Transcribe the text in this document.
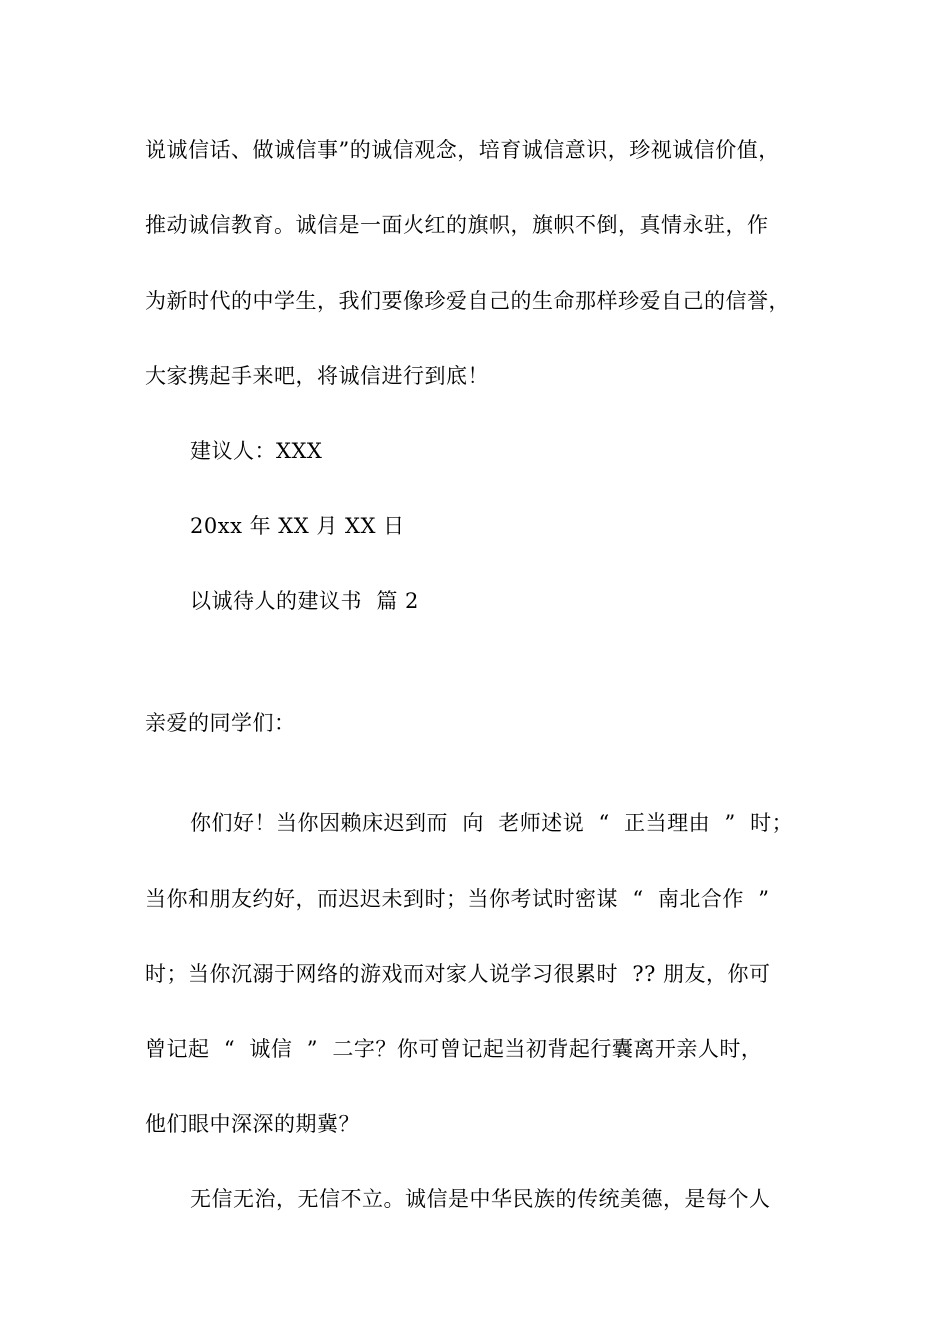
说诚信话、做诚信事”的诚信观念，培育诚信意识，珍视诚信价值，
推动诚信教育。诚信是一面火红的旗帜，旗帜不倒，真情永驻，作
为新时代的中学生，我们要像珍爱自己的生命那样珍爱自己的信誉，
大家携起手来吧，将诚信进行到底！
建议人：XXX
20xx 年 XX 月 XX 日
以诚待人的建议书  篇 2
亲爱的同学们：
你们好！当你因赖床迟到而  向  老师述说  “  正当理由  ”  时；
当你和朋友约好，而迟迟未到时；当你考试时密谋  “  南北合作  ”
时；当你沉溺于网络的游戏而对家人说学习很累时  ?? 朋友，你可
曾记起  “  诚信  ”  二字？你可曾记起当初背起行囊离开亲人时，
他们眼中深深的期冀？
无信无治，无信不立。诚信是中华民族的传统美德，是每个人
